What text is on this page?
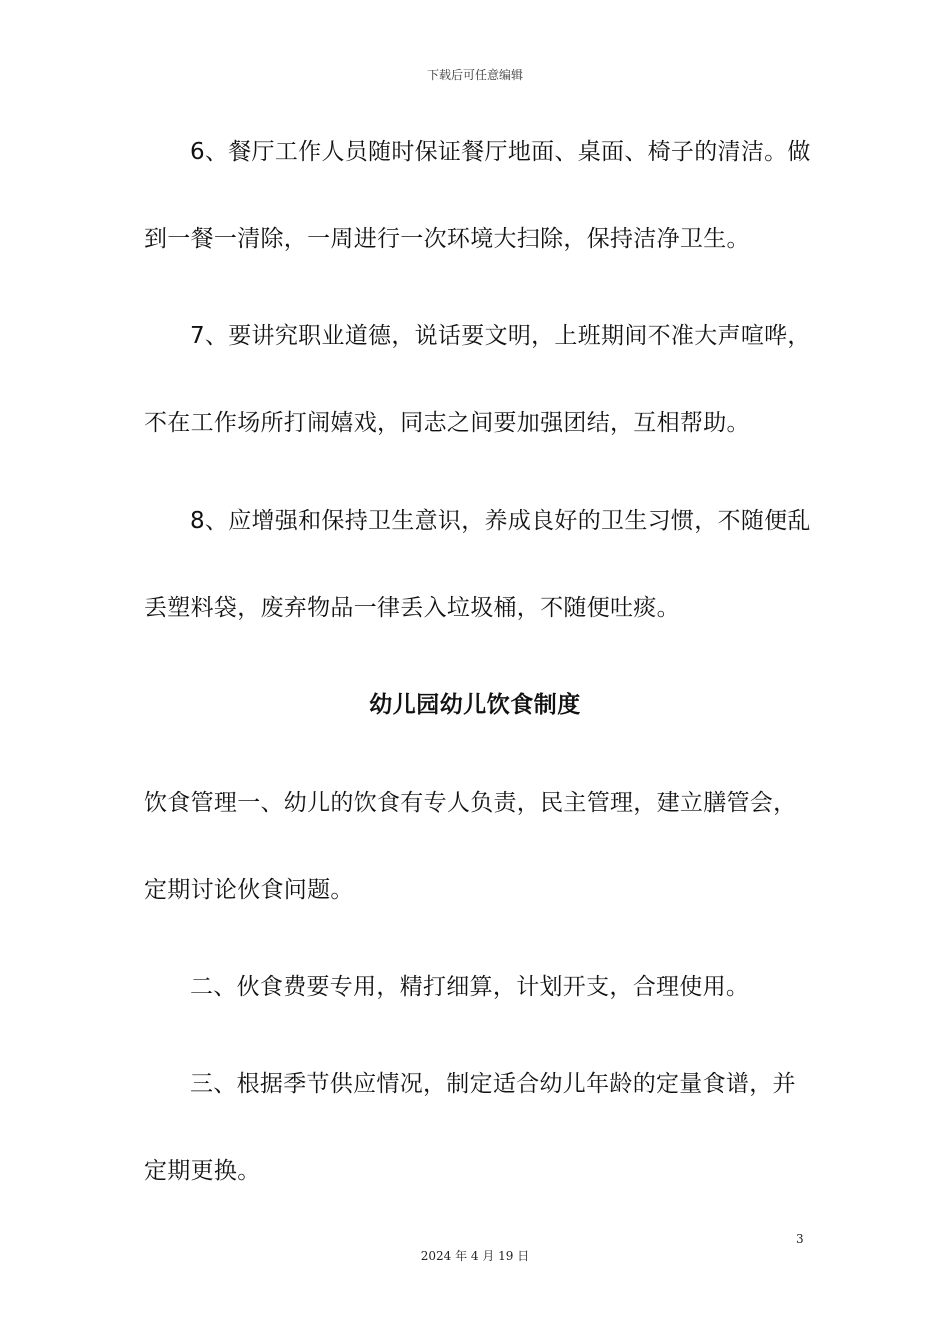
下载后可任意编辑
6、餐厅工作人员随时保证餐厅地面、桌面、椅子的清洁。做
到一餐一清除，一周进行一次环境大扫除，保持洁净卫生。
7、要讲究职业道德，说话要文明，上班期间不准大声喧哗，
不在工作场所打闹嬉戏，同志之间要加强团结，互相帮助。
8、应增强和保持卫生意识，养成良好的卫生习惯，不随便乱
丢塑料袋，废弃物品一律丢入垃圾桶，不随便吐痰。
幼儿园幼儿饮食制度
饮食管理一、幼儿的饮食有专人负责，民主管理，建立膳管会，
定期讨论伙食问题。
二、伙食费要专用，精打细算，计划开支，合理使用。
三、根据季节供应情况，制定适合幼儿年龄的定量食谱，并
定期更换。
3
2024 年 4 月 19 日
